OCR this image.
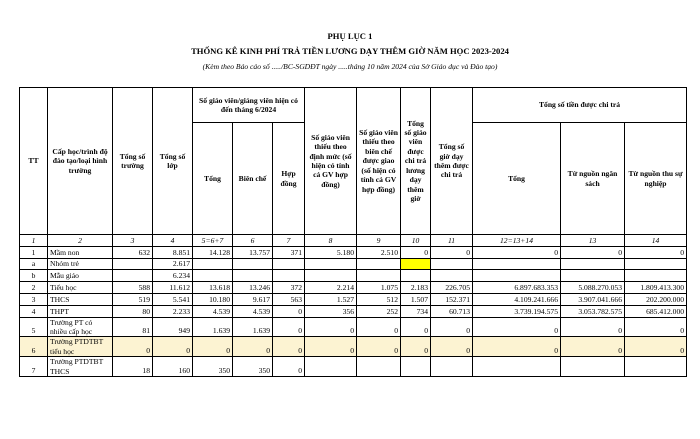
PHỤ LỤC 1
THỐNG KÊ KINH PHÍ TRẢ TIỀN LƯƠNG DẠY THÊM GIỜ NĂM HỌC 2023-2024
(Kèm theo Báo cáo số ...../BC-SGDĐT ngày .....tháng 10 năm 2024 của Sở Giáo dục và Đào tạo)
TT	Cấp học/trình độ đào tạo/loại hình trường	Tổng số trường	Tổng số lớp	Số giáo viên/giảng viên hiện có đến tháng 6/2024			Số giáo viên thiếu theo định mức (số hiện có tính cả GV hợp đồng)	Số giáo viên thiếu theo biên chế được giao (số hiện có tính cả GV hợp đồng)	Tổng số giáo viên được chi trả lương dạy thêm giờ	Tổng số giờ dạy thêm được chi trả	Tổng số tiền được chi trả		
				Tổng	Biên chế	Hợp đồng					Tổng	Từ nguồn ngân sách	Từ nguồn thu sự nghiệp
1	2	3	4	5=6+7	6	7	8	9	10	11	12=13+14	13	14
1	Mầm non	632	8.851	14.128	13.757	371	5.180	2.510	0	0	0	0	0
a	Nhóm trẻ		2.617										
b	Mẫu giáo		6.234										
2	Tiểu học	588	11.612	13.618	13.246	372	2.214	1.075	2.183	226.705	6.897.683.353	5.088.270.053	1.809.413.300
3	THCS	519	5.541	10.180	9.617	563	1.527	512	1.507	152.371	4.109.241.666	3.907.041.666	202.200.000
4	THPT	80	2.233	4.539	4.539	0	356	252	734	60.713	3.739.194.575	3.053.782.575	685.412.000
5	Trường PT có nhiều cấp học	81	949	1.639	1.639	0	0	0	0	0	0	0	0
6	Trường PTDTBT tiểu học	0	0	0	0	0	0	0	0	0	0	0	0
7	Trường PTDTBT THCS	18	160	350	350	0							
